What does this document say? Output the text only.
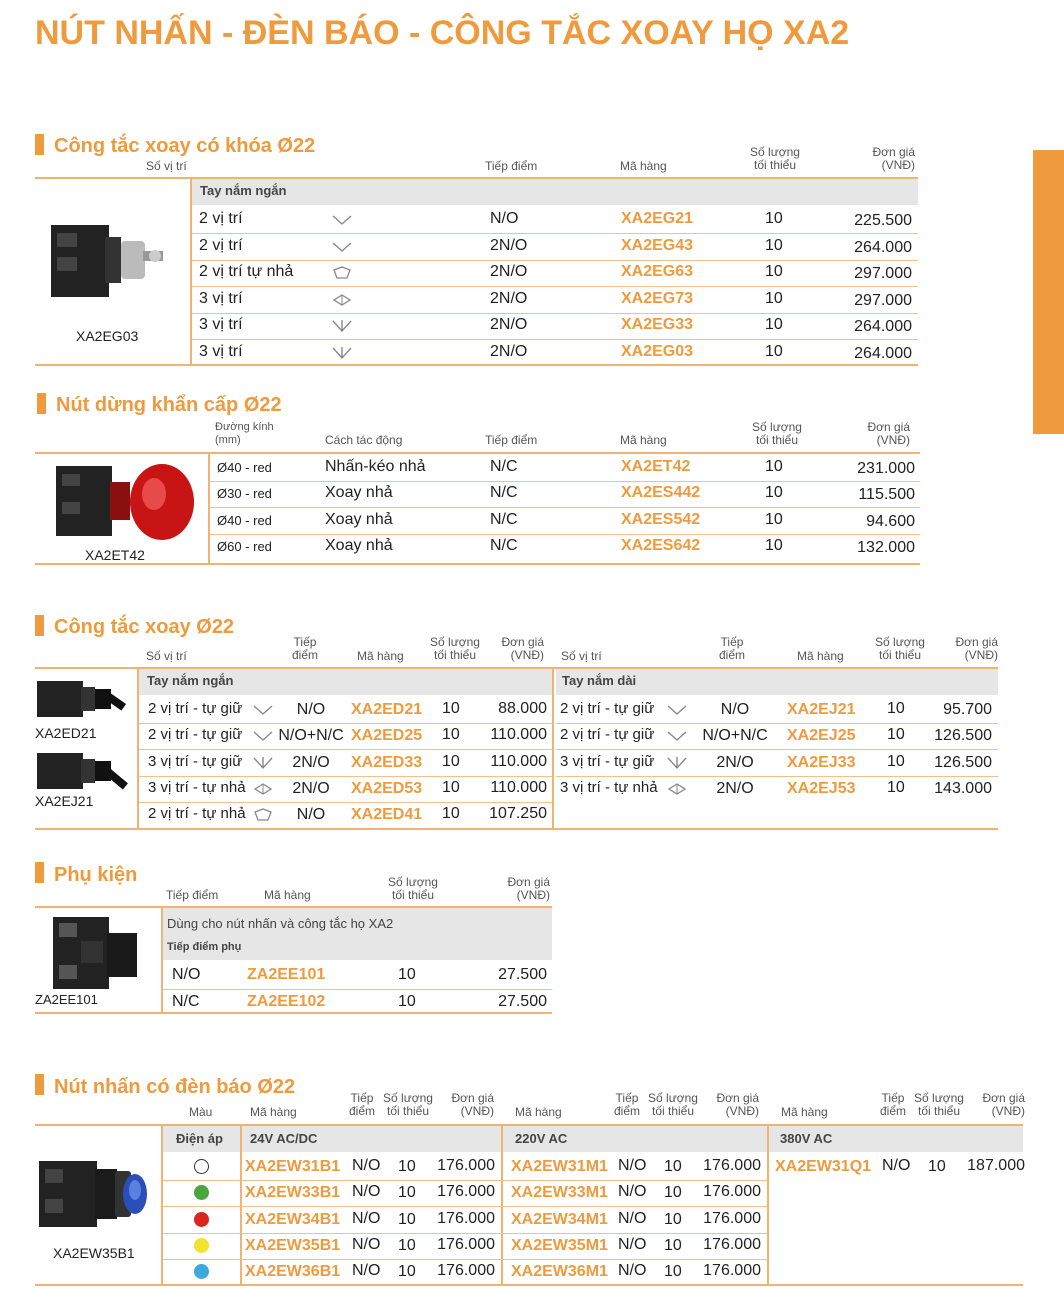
NÚT NHẤN - ĐÈN BÁO - CÔNG TẮC XOAY HỌ XA2
Công tắc xoay có khóa Ø22
Số vị trí	Tiếp điểm	Mã hàng
Số lượng
tối thiểu
Đơn giá
(VNĐ)
Tay nắm ngắn
XA2EG03
2 vị trí	N/O	XA2EG21	10	225.500
2 vị trí	2N/O	XA2EG43	10	264.000
2 vị trí tự nhả	2N/O	XA2EG63	10	297.000
3 vị trí	2N/O	XA2EG73	10	297.000
3 vị trí	2N/O	XA2EG33	10	264.000
3 vị trí	2N/O	XA2EG03	10	264.000
Nút dừng khẩn cấp Ø22
Đường kính
(mm)	Cách tác động	Tiếp điểm	Mã hàng
Số lượng
tối thiểu
Đơn giá
(VNĐ)
XA2ET42
Ø40 - red	Nhấn-kéo nhả	N/C	XA2ET42	10	231.000
Ø30 - red	Xoay nhả	N/C	XA2ES442	10	115.500
Ø40 - red	Xoay nhả	N/C	XA2ES542	10	94.600
Ø60 - red	Xoay nhả	N/C	XA2ES642	10	132.000
Công tắc xoay Ø22
Số vị trí
Tiếp
điểm	Mã hàng
Số lượng
tối thiểu
Đơn giá
(VNĐ) Số vị trí
Tiếp
điểm	Mã hàng
Số lượng
tối thiểu
Đơn giá
(VNĐ)
Tay nắm ngắn	Tay nắm dài
XA2ED21
XA2EJ21
2 vị trí - tự giữ	N/O	XA2ED21 10	88.000
2 vị trí - tự giữ N/O+N/C XA2ED25 10	110.000
3 vị trí - tự giữ	2N/O	XA2ED33 10	110.000
3 vị trí - tự nhả	2N/O	XA2ED53 10	110.000
2 vị trí - tự nhả	N/O	XA2ED41 10	107.250
2 vị trí - tự giữ	N/O	XA2EJ21 10	95.700
2 vị trí - tự giữ	N/O+N/C XA2EJ25 10	126.500
3 vị trí - tự giữ	2N/O	XA2EJ33 10	126.500
3 vị trí - tự nhả	2N/O	XA2EJ53 10	143.000
Phụ kiện
Tiếp điểm	Mã hàng
Số lượng
tối thiểu
Đơn giá
(VNĐ)
Dùng cho nút nhấn và công tắc họ XA2
Tiếp điểm phụ
ZA2EE101
N/O	ZA2EE101	10	27.500
N/C	ZA2EE102	10	27.500
Nút nhấn có đèn báo Ø22
Màu	Mã hàng
Tiếp
điểm
Số lượng
tối thiểu
Đơn giá
(VNĐ) Mã hàng
Tiếp
điểm
Số lượng
tối thiểu
Đơn giá
(VNĐ) Mã hàng
Tiếp
điểm
Số lượng
tối thiểu
Đơn giá
(VNĐ)
Điện áp 24V AC/DC	220V AC	380V AC
XA2EW35B1
XA2EW31B1 N/O 10	176.000
XA2EW33B1 N/O 10	176.000
XA2EW34B1 N/O 10	176.000
XA2EW35B1 N/O 10	176.000
XA2EW36B1 N/O 10	176.000
XA2EW31M1 N/O 10	176.000
XA2EW33M1 N/O 10	176.000
XA2EW34M1 N/O 10	176.000
XA2EW35M1 N/O 10	176.000
XA2EW36M1 N/O 10	176.000
XA2EW31Q1 N/O 10	187.000
